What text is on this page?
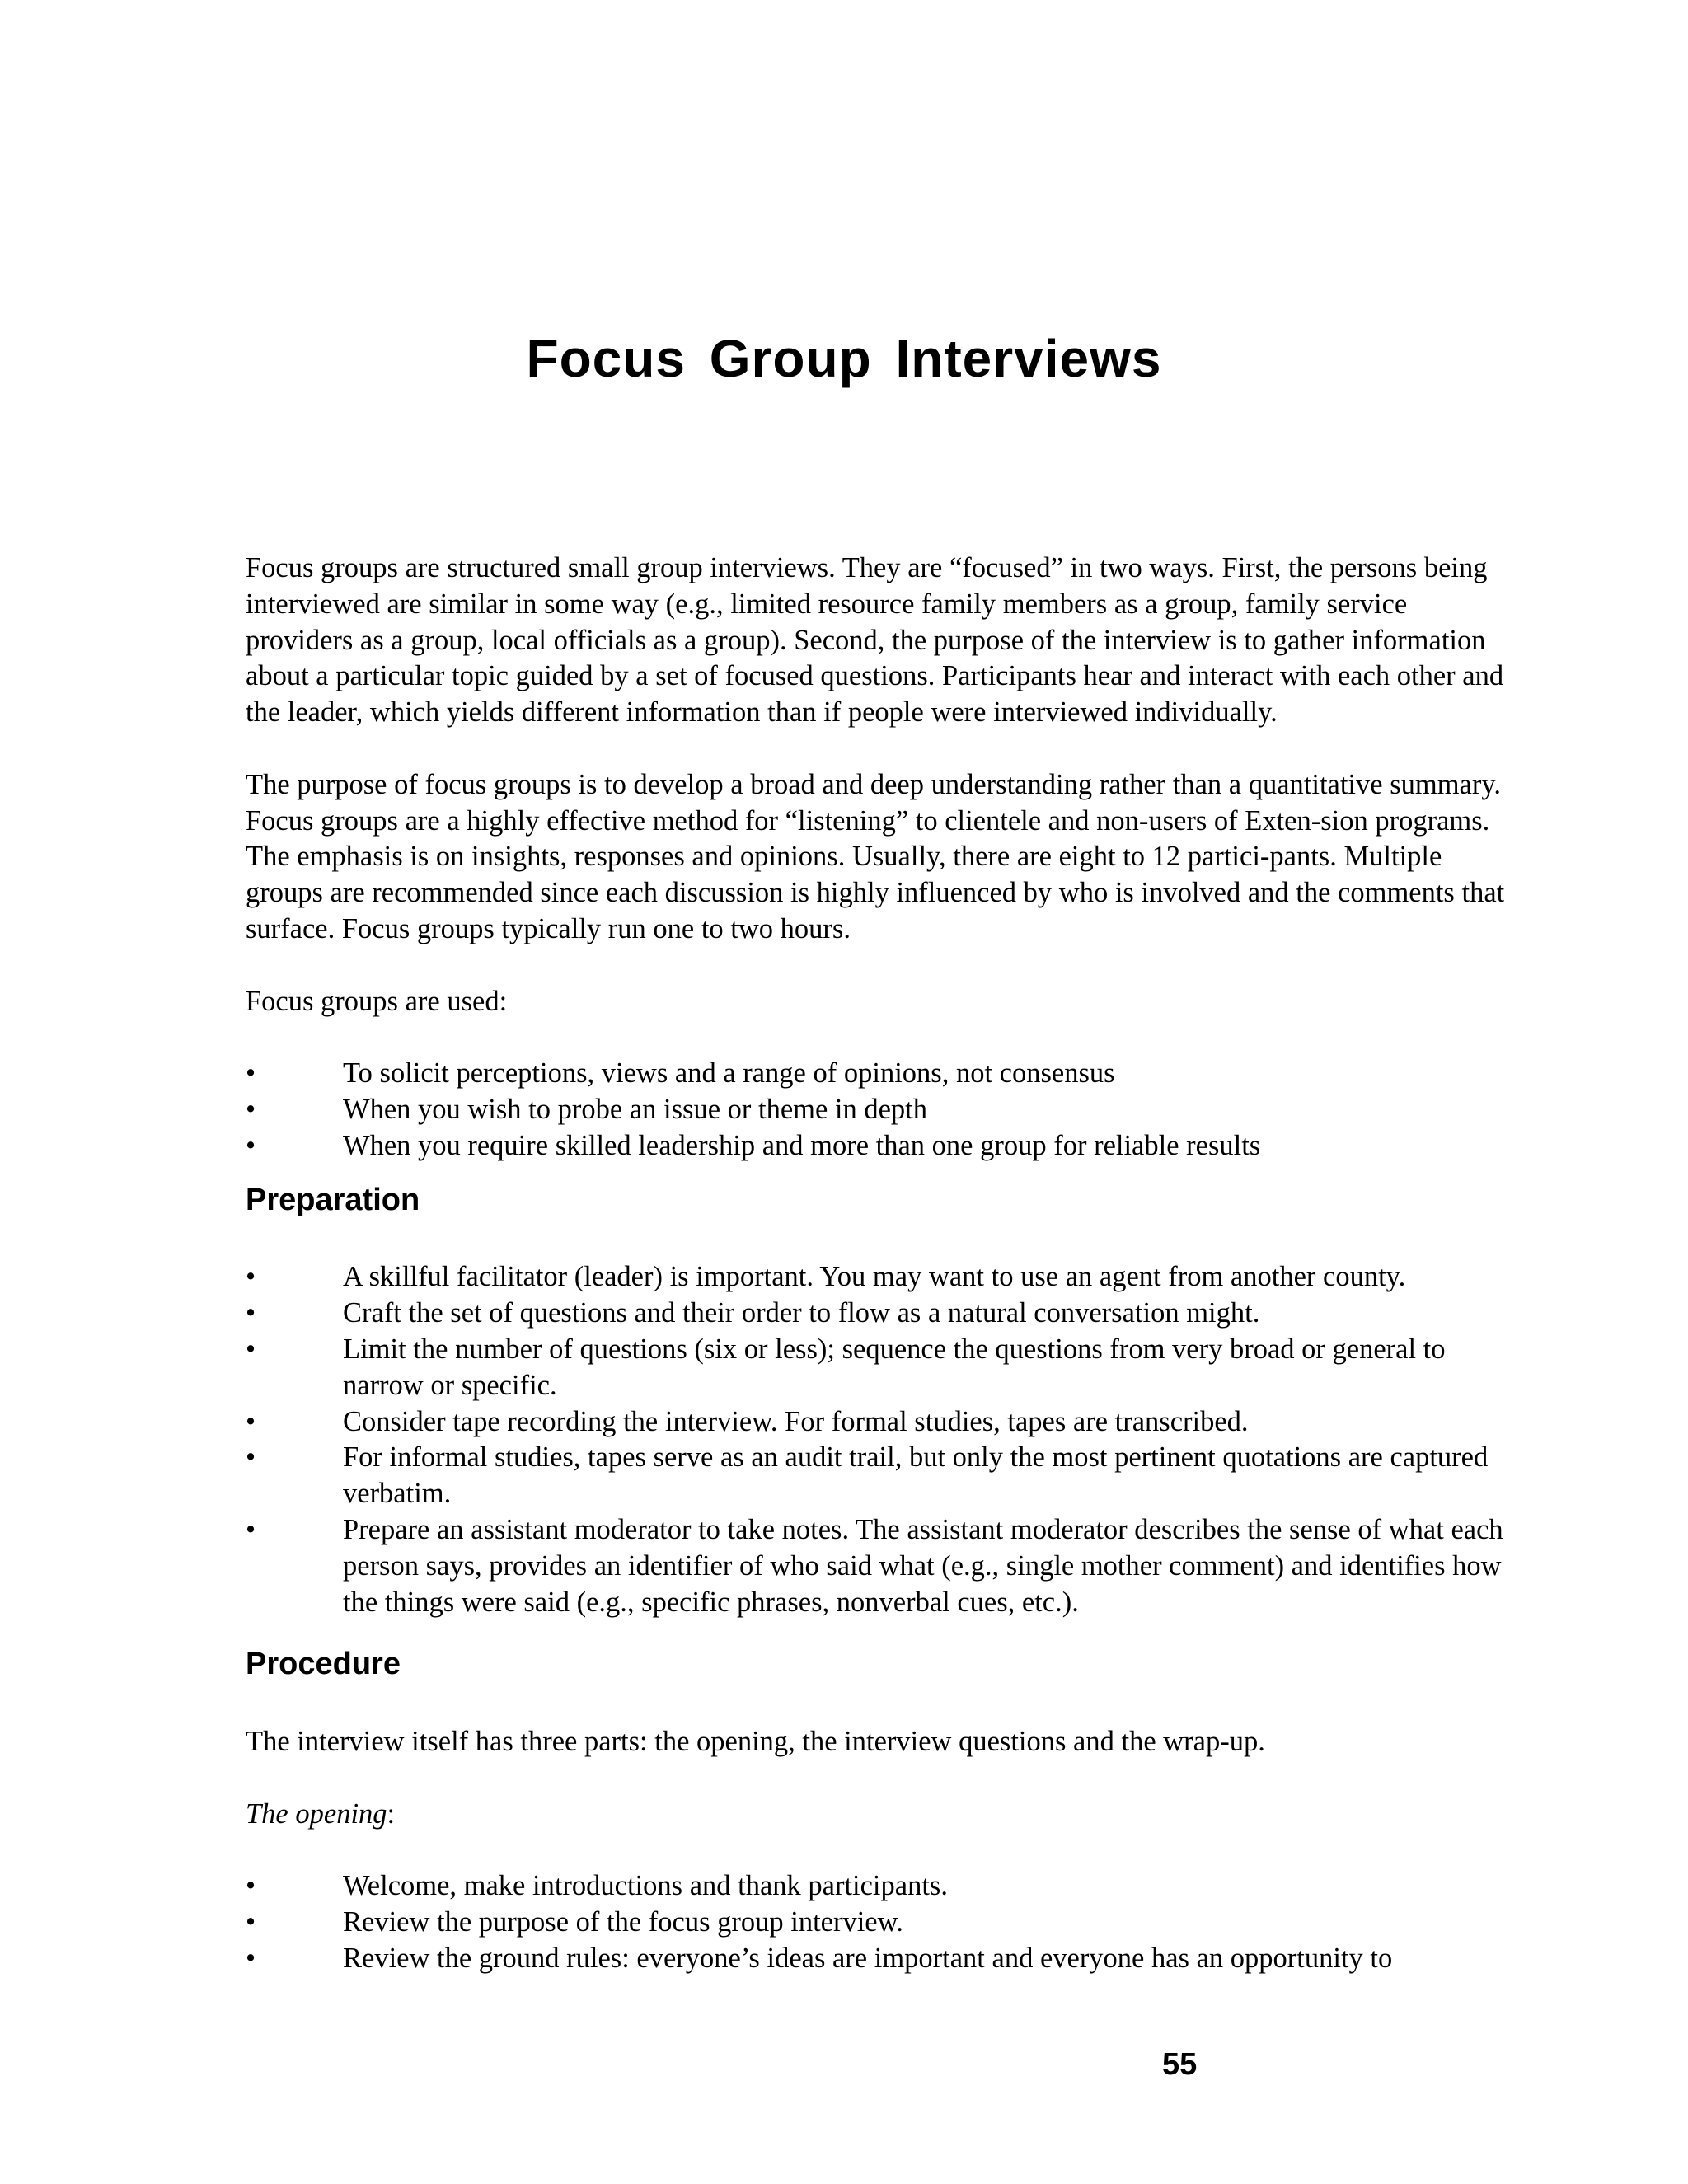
Focus Group Interviews

Focus groups are structured small group interviews. They are “focused” in two ways. First, the persons being interviewed are similar in some way (e.g., limited resource family members as a group, family service providers as a group, local officials as a group). Second, the purpose of the interview is to gather information about a particular topic guided by a set of focused questions. Participants hear and interact with each other and the leader, which yields different information than if people were interviewed individually.

The purpose of focus groups is to develop a broad and deep understanding rather than a quantitative summary. Focus groups are a highly effective method for “listening” to clientele and non-users of Exten-sion programs. The emphasis is on insights, responses and opinions. Usually, there are eight to 12 partici-pants. Multiple groups are recommended since each discussion is highly influenced by who is involved and the comments that surface. Focus groups typically run one to two hours.

Focus groups are used:

•	To solicit perceptions, views and a range of opinions, not consensus
•	When you wish to probe an issue or theme in depth
•	When you require skilled leadership and more than one group for reliable results
Preparation
•	A skillful facilitator (leader) is important. You may want to use an agent from another county.
•	Craft the set of questions and their order to flow as a natural conversation might.
•	Limit the number of questions (six or less); sequence the questions from very broad or general to narrow or specific.
•	Consider tape recording the interview. For formal studies, tapes are transcribed.
•	For informal studies, tapes serve as an audit trail, but only the most pertinent quotations are captured verbatim.
•	Prepare an assistant moderator to take notes. The assistant moderator describes the sense of what each person says, provides an identifier of who said what (e.g., single mother comment) and identifies how the things were said (e.g., specific phrases, nonverbal cues, etc.).
Procedure

The interview itself has three parts: the opening, the interview questions and the wrap-up.

The opening:

•	Welcome, make introductions and thank participants.
•	Review the purpose of the focus group interview.
•	Review the ground rules: everyone’s ideas are important and everyone has an opportunity to
55
